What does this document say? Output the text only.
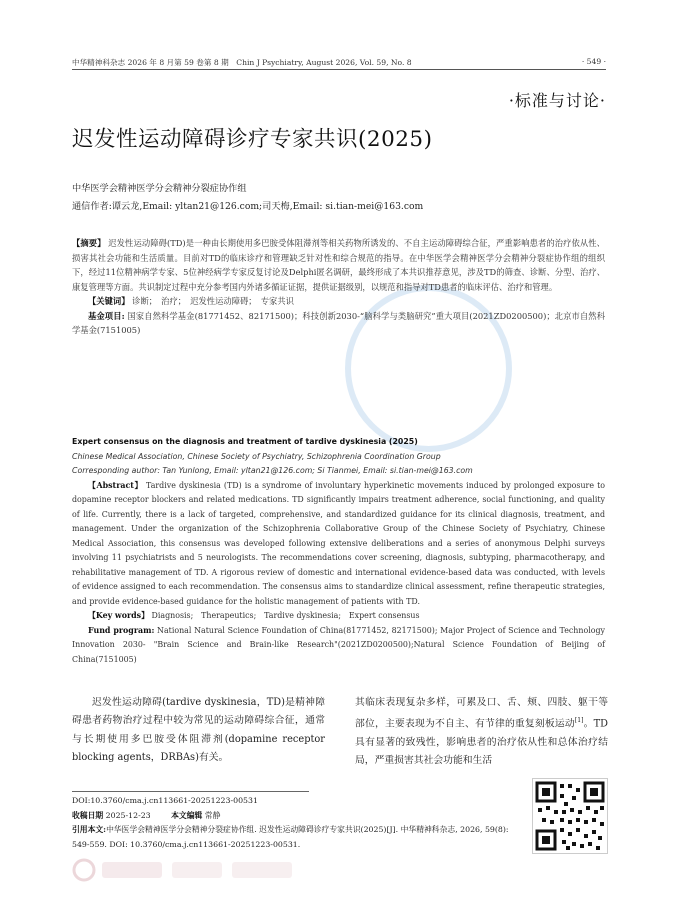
中华精神科杂志 2026 年 8 月第 59 卷第 8 期　Chin J Psychiatry, August 2026, Vol. 59, No. 8	· 549 ·
·标准与讨论·
迟发性运动障碍诊疗专家共识(2025)
中华医学会精神医学分会精神分裂症协作组
通信作者:谭云龙,Email: yltan21@126.com;司天梅,Email: si.tian-mei@163.com
【摘要】 迟发性运动障碍(TD)是一种由长期使用多巴胺受体阻滞剂等相关药物所诱发的、不自主运动障碍综合征，严重影响患者的治疗依从性、损害其社会功能和生活质量。目前对TD的临床诊疗和管理缺乏针对性和综合规范的指导。在中华医学会精神医学分会精神分裂症协作组的组织下，经过11位精神病学专家、5位神经病学专家反复讨论及Delphi匿名调研，最终形成了本共识推荐意见，涉及TD的筛查、诊断、分型、治疗、康复管理等方面。共识制定过程中充分参考国内外诸多循证证据，提供证据级别，以规范和指导对TD患者的临床评估、治疗和管理。
【关键词】 诊断；　治疗；　迟发性运动障碍；　专家共识
基金项目: 国家自然科学基金(81771452、82171500)；科技创新2030-“脑科学与类脑研究”重大项目(2021ZD0200500)；北京市自然科学基金(7151005)
Expert consensus on the diagnosis and treatment of tardive dyskinesia (2025)
Chinese Medical Association, Chinese Society of Psychiatry, Schizophrenia Coordination Group
Corresponding author: Tan Yunlong, Email: yltan21@126.com; Si Tianmei, Email: si.tian-mei@163.com
【Abstract】 Tardive dyskinesia (TD) is a syndrome of involuntary hyperkinetic movements induced by prolonged exposure to dopamine receptor blockers and related medications. TD significantly impairs treatment adherence, social functioning, and quality of life. Currently, there is a lack of targeted, comprehensive, and standardized guidance for its clinical diagnosis, treatment, and management. Under the organization of the Schizophrenia Collaborative Group of the Chinese Society of Psychiatry, Chinese Medical Association, this consensus was developed following extensive deliberations and a series of anonymous Delphi surveys involving 11 psychiatrists and 5 neurologists. The recommendations cover screening, diagnosis, subtyping, pharmacotherapy, and rehabilitative management of TD. A rigorous review of domestic and international evidence-based data was conducted, with levels of evidence assigned to each recommendation. The consensus aims to standardize clinical assessment, refine therapeutic strategies, and provide evidence-based guidance for the holistic management of patients with TD.
【Key words】 Diagnosis;　Therapeutics;　Tardive dyskinesia;　Expert consensus
Fund program: National Natural Science Foundation of China(81771452, 82171500); Major Project of Science and Technology Innovation 2030- "Brain Science and Brain-like Research"(2021ZD0200500);Natural Science Foundation of Beijing of China(7151005)
迟发性运动障碍(tardive dyskinesia，TD)是精神障碍患者药物治疗过程中较为常见的运动障碍综合征，通常与长期使用多巴胺受体阻滞剂(dopamine receptor blocking agents，DRBAs)有关。
其临床表现复杂多样，可累及口、舌、颊、四肢、躯干等部位，主要表现为不自主、有节律的重复刻板运动[1]。TD具有显著的致残性，影响患者的治疗依从性和总体治疗结局，严重损害其社会功能和生活
DOI:10.3760/cma.j.cn113661-20251223-00531
收稿日期 2025-12-23	本文编辑 常静
引用本文:中华医学会精神医学分会精神分裂症协作组. 迟发性运动障碍诊疗专家共识(2025)[J]. 中华精神科杂志, 2026, 59(8): 549-559. DOI: 10.3760/cma.j.cn113661-20251223-00531.
